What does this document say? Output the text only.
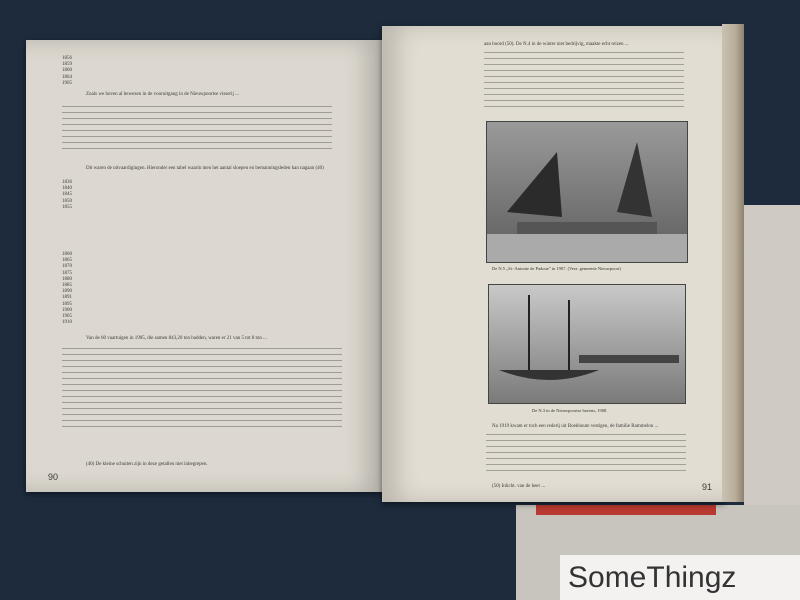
1856
1859
1860
1864
1905
Zoals we boven al bewezen in de vooruitgang in de Nieuwpoortse visserij ...
Dit waren de uitvaardigingen. Hieronder een tabel waarin men het aantal sloepen en bemanningsleden kan nagaan (40)
1836
1840
1845
1850
1855
1860
1865
1870
1875
1880
1885
1890
1891
1895
1900
1905
1910
Van de 60 vaartuigen in 1905, die samen 843,20 ton hadden, waren er 21 van 5 tot 8 ton ...
(40) De kleine schuiten zijn in deze getallen niet inbegrepen.
90
aan boord (50). De N.4 in de winter niet bedrijvig, maakte echt reizen ...
De N.5 „St.-Antonie de Padoue" in 1907. (Verz. gemeente Nieuwpoort)
De N.3 in de Nieuwpoortse havens, 1908.
Na 1919 kwam er toch een rederij uit Boekhoute vestigen, de familie Rammelon ...
(50) Inlicht. van de heer ...	91
SomeThingz
